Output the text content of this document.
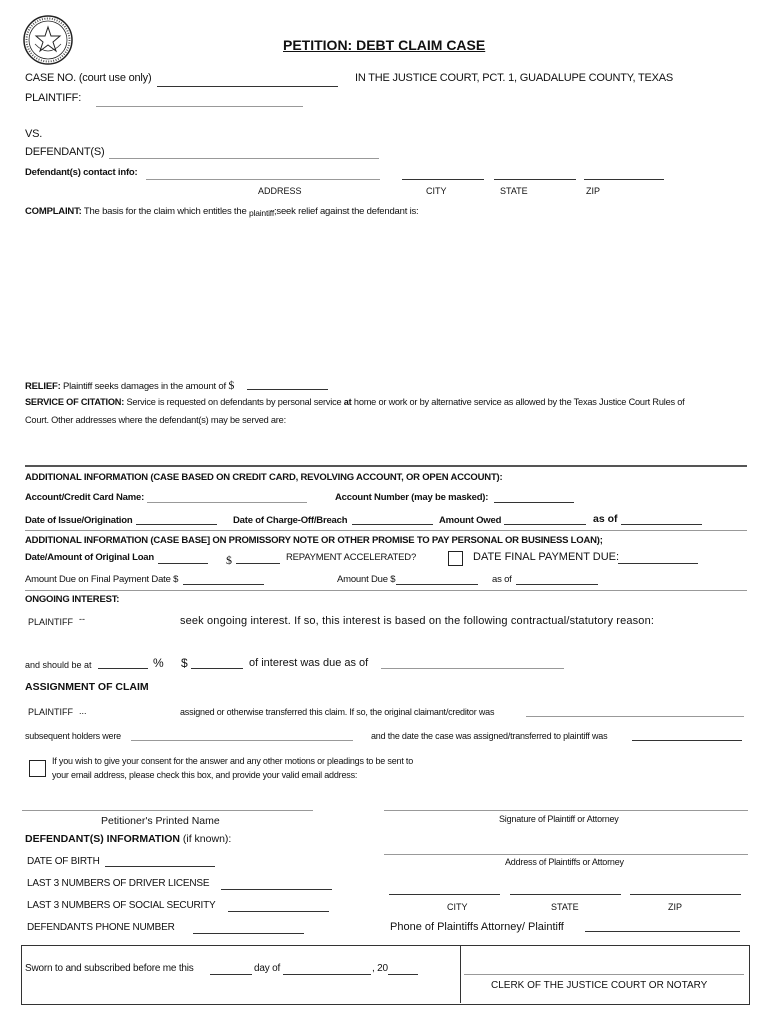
PETITION: DEBT CLAIM CASE
CASE NO. (court use only)	IN THE JUSTICE COURT, PCT. 1, GUADALUPE COUNTY, TEXAS
PLAINTIFF:
VS.
DEFENDANT(S)
Defendant(s) contact info:
ADDRESS	CITY	STATE	ZIP
COMPLAINT: The basis for the claim which entitles the plaintiff;seek relief against the defendant is:
RELIEF: Plaintiff seeks damages in the amount of $
SERVICE OF CITATION: Service is requested on defendants by personal service at home or work or by alternative service as allowed by the Texas Justice Court Rules of
Court. Other addresses where the defendant(s) may be served are:
ADDITIONAL INFORMATION (CASE BASED ON CREDIT CARD, REVOLVING ACCOUNT, OR OPEN ACCOUNT):
Account/Credit Card Name:	Account Number (may be masked):
Date of Issue/Origination	Date of Charge-Off/Breach	Amount Owed	as of
ADDITIONAL INFORMATION (CASE BASE] ON PROMISSORY NOTE OR OTHER PROMISE TO PAY PERSONAL OR BUSINESS LOAN);
Date/Amount of Original Loan	$	REPAYMENT ACCELERATED?	DATE FINAL PAYMENT DUE:
Amount Due on Final Payment Date $	Amount Due $	as of
ONGOING INTEREST:
PLAINTIFF --	seek ongoing interest. If so, this interest is based on the following contractual/statutory reason:
and should be at	% $	of interest was due as of
ASSIGNMENT OF CLAIM
PLAINTIFF ...	assigned or otherwise transferred this claim. If so, the original claimant/creditor was
subsequent holders were	and the date the case was assigned/transferred to plaintiff was
If you wish to give your consent for the answer and any other motions or pleadings to be sent to
your email address, please check this box, and provide your valid email address:
Petitioner's Printed Name	Signature of Plaintiff or Attorney
DEFENDANT(S) INFORMATION (if known):
Address of Plaintiffs or Attorney
DATE OF BIRTH
LAST 3 NUMBERS OF DRIVER LICENSE
LAST 3 NUMBERS OF SOCIAL SECURITY	CITY	STATE	ZIP
DEFENDANTS PHONE NUMBER	Phone of Plaintiffs Attorney/ Plaintiff
Sworn to and subscribed before me this	day of	, 20
CLERK OF THE JUSTICE COURT OR NOTARY
